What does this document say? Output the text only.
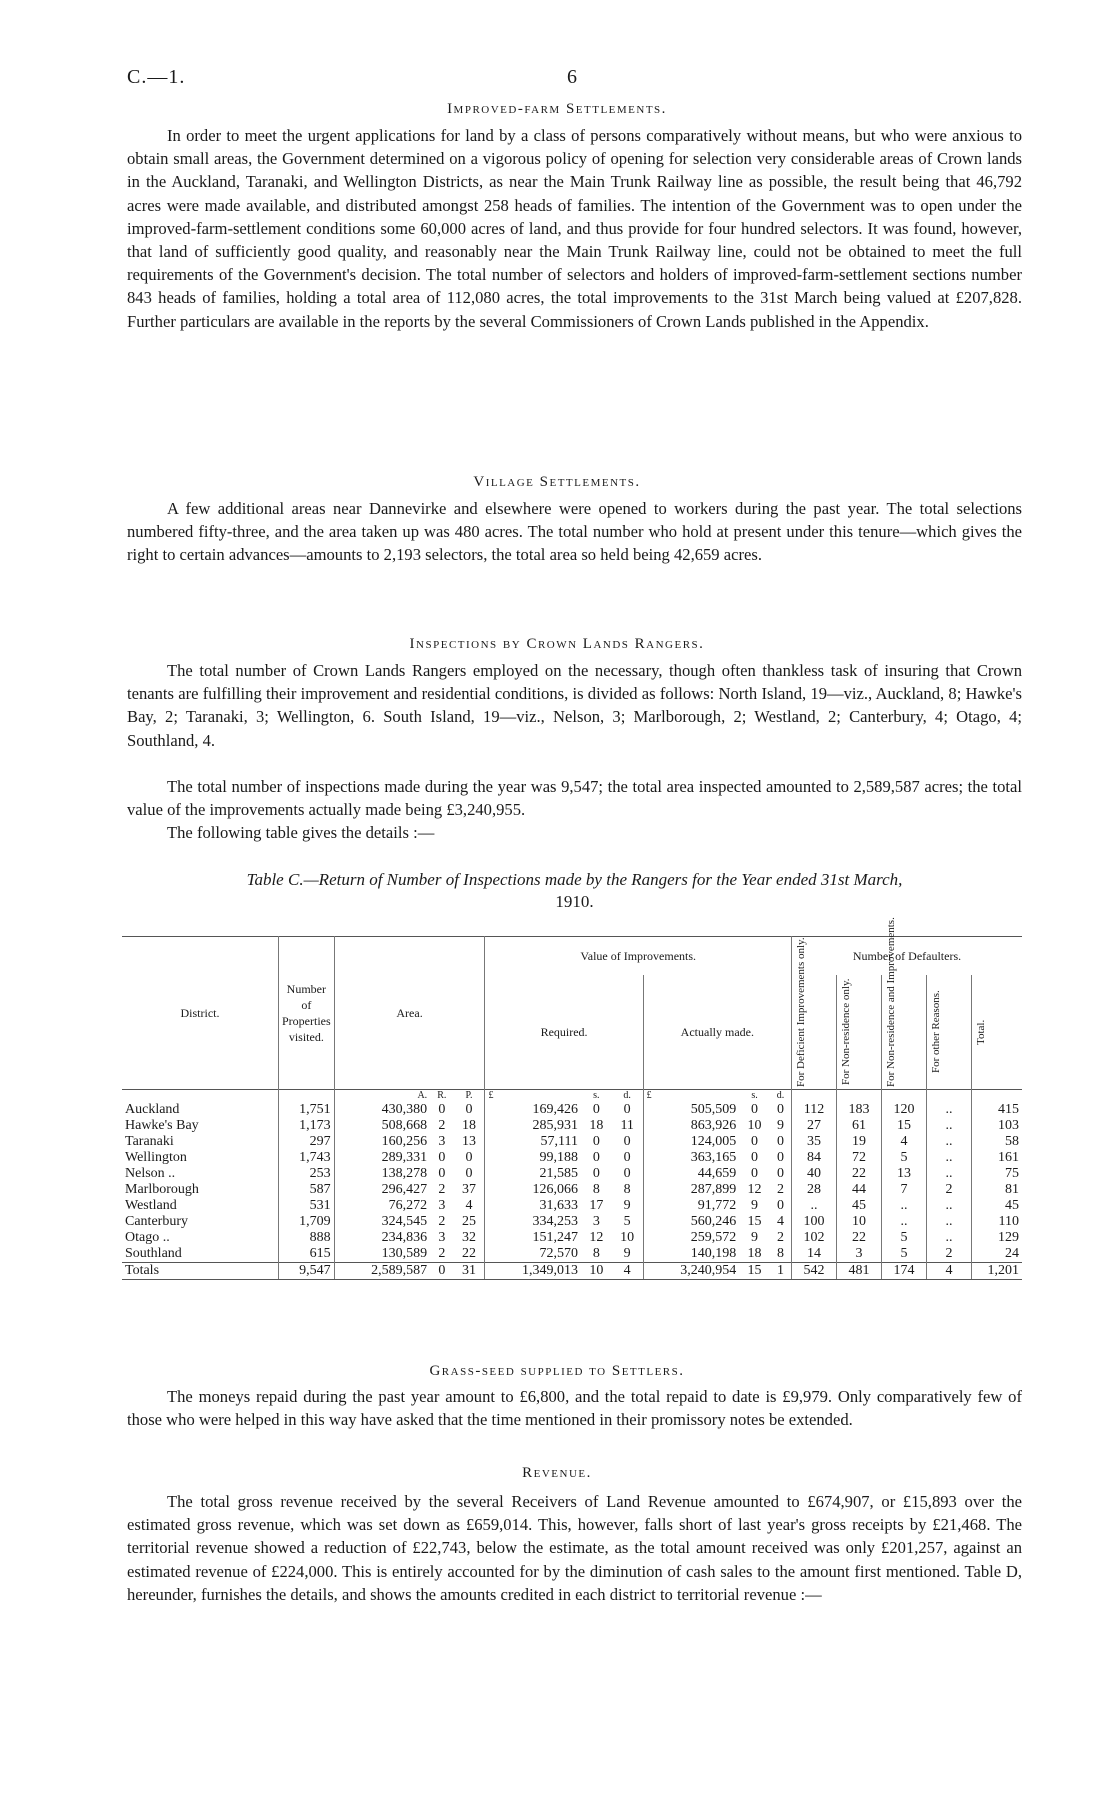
C.—1.	6
Improved-farm Settlements.

In order to meet the urgent applications for land by a class of persons comparatively without means, but who were anxious to obtain small areas, the Government determined on a vigorous policy of opening for selection very considerable areas of Crown lands in the Auckland, Taranaki, and Wellington Districts, as near the Main Trunk Railway line as possible, the result being that 46,792 acres were made available, and distributed amongst 258 heads of families. The intention of the Government was to open under the improved-farm-settlement conditions some 60,000 acres of land, and thus provide for four hundred selectors. It was found, however, that land of sufficiently good quality, and reasonably near the Main Trunk Railway line, could not be obtained to meet the full requirements of the Government's decision. The total number of selectors and holders of improved-farm-settlement sections number 843 heads of families, holding a total area of 112,080 acres, the total improvements to the 31st March being valued at £207,828. Further particulars are available in the reports by the several Commissioners of Crown Lands published in the Appendix.

Village Settlements.

A few additional areas near Dannevirke and elsewhere were opened to workers during the past year. The total selections numbered fifty-three, and the area taken up was 480 acres. The total number who hold at present under this tenure—which gives the right to certain advances—amounts to 2,193 selectors, the total area so held being 42,659 acres.

Inspections by Crown Lands Rangers.

The total number of Crown Lands Rangers employed on the necessary, though often thankless task of insuring that Crown tenants are fulfilling their improvement and residential conditions, is divided as follows: North Island, 19—viz., Auckland, 8; Hawke's Bay, 2; Taranaki, 3; Wellington, 6. South Island, 19—viz., Nelson, 3; Marlborough, 2; Westland, 2; Canterbury, 4; Otago, 4; Southland, 4.

The total number of inspections made during the year was 9,547; the total area inspected amounted to 2,589,587 acres; the total value of the improvements actually made being £3,240,955.

The following table gives the details :—

Table C.—Return of Number of Inspections made by the Rangers for the Year ended 31st March,
1910.
District.	Number of Properties visited.	Area.			Value of Improvements.						Number of Defaulters.				
					Required.			Actually made.			For Deficient Improvements only.	For Non-residence only.	For Non-residence and Improvements.	For other Reasons.	Total.

		A.	R.	P.	£	s.	d.	£	s.	d.					
Auckland	1,751	430,380	0	0	169,426	0	0	505,509	0	0	112	183	120	..	415
Hawke's Bay	1,173	508,668	2	18	285,931	18	11	863,926	10	9	27	61	15	..	103
Taranaki	297	160,256	3	13	57,111	0	0	124,005	0	0	35	19	4	..	58
Wellington	1,743	289,331	0	0	99,188	0	0	363,165	0	0	84	72	5	..	161
Nelson ..	253	138,278	0	0	21,585	0	0	44,659	0	0	40	22	13	..	75
Marlborough	587	296,427	2	37	126,066	8	8	287,899	12	2	28	44	7	2	81
Westland	531	76,272	3	4	31,633	17	9	91,772	9	0	..	45	..	..	45
Canterbury	1,709	324,545	2	25	334,253	3	5	560,246	15	4	100	10	..	..	110
Otago ..	888	234,836	3	32	151,247	12	10	259,572	9	2	102	22	5	..	129
Southland	615	130,589	2	22	72,570	8	9	140,198	18	8	14	3	5	2	24
Totals	9,547	2,589,587	0	31	1,349,013	10	4	3,240,954	15	1	542	481	174	4	1,201
Grass-seed supplied to Settlers.

The moneys repaid during the past year amount to £6,800, and the total repaid to date is £9,979. Only comparatively few of those who were helped in this way have asked that the time mentioned in their promissory notes be extended.

Revenue.

The total gross revenue received by the several Receivers of Land Revenue amounted to £674,907, or £15,893 over the estimated gross revenue, which was set down as £659,014. This, however, falls short of last year's gross receipts by £21,468. The territorial revenue showed a reduction of £22,743, below the estimate, as the total amount received was only £201,257, against an estimated revenue of £224,000. This is entirely accounted for by the diminution of cash sales to the amount first mentioned. Table D, hereunder, furnishes the details, and shows the amounts credited in each district to territorial revenue :—
